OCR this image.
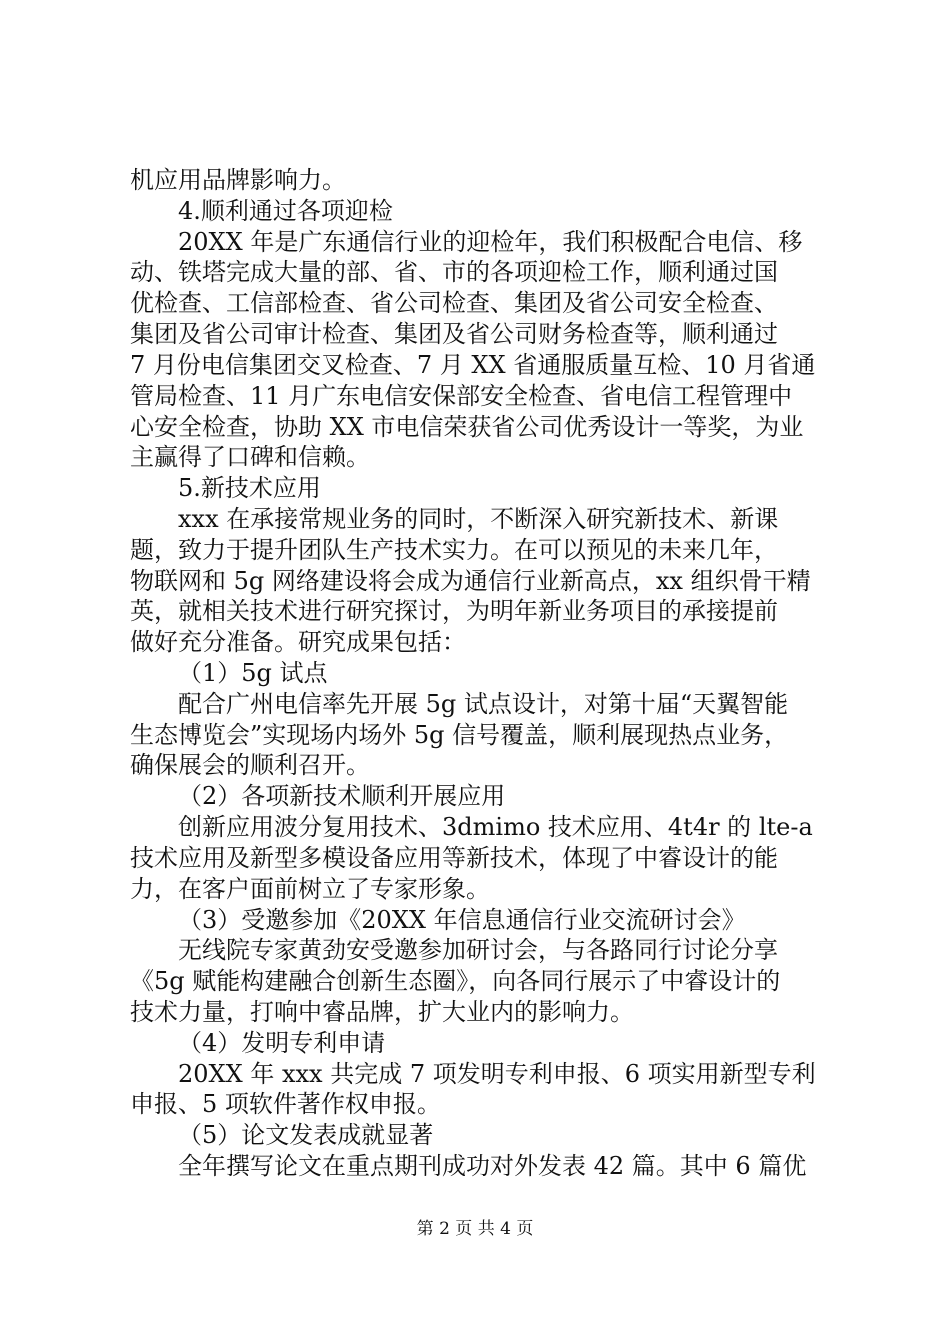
机应用品牌影响力。
4.顺利通过各项迎检
20XX 年是广东通信行业的迎检年，我们积极配合电信、移
动、铁塔完成大量的部、省、市的各项迎检工作，顺利通过国
优检查、工信部检查、省公司检查、集团及省公司安全检查、
集团及省公司审计检查、集团及省公司财务检查等，顺利通过
7 月份电信集团交叉检查、7 月 XX 省通服质量互检、10 月省通
管局检查、11 月广东电信安保部安全检查、省电信工程管理中
心安全检查，协助 XX 市电信荣获省公司优秀设计一等奖，为业
主赢得了口碑和信赖。
5.新技术应用
xxx 在承接常规业务的同时，不断深入研究新技术、新课
题，致力于提升团队生产技术实力。在可以预见的未来几年，
物联网和 5g 网络建设将会成为通信行业新高点，xx 组织骨干精
英，就相关技术进行研究探讨，为明年新业务项目的承接提前
做好充分准备。研究成果包括：
（1）5g 试点
配合广州电信率先开展 5g 试点设计，对第十届“天翼智能
生态博览会”实现场内场外 5g 信号覆盖，顺利展现热点业务，
确保展会的顺利召开。
（2）各项新技术顺利开展应用
创新应用波分复用技术、3dmimo 技术应用、4t4r 的 lte-a
技术应用及新型多模设备应用等新技术，体现了中睿设计的能
力，在客户面前树立了专家形象。
（3）受邀参加《20XX 年信息通信行业交流研讨会》
无线院专家黄劲安受邀参加研讨会，与各路同行讨论分享
《5g 赋能构建融合创新生态圈》，向各同行展示了中睿设计的
技术力量，打响中睿品牌，扩大业内的影响力。
（4）发明专利申请
20XX 年 xxx 共完成 7 项发明专利申报、6 项实用新型专利
申报、5 项软件著作权申报。
（5）论文发表成就显著
全年撰写论文在重点期刊成功对外发表 42 篇。其中 6 篇优
第 2 页 共 4 页
